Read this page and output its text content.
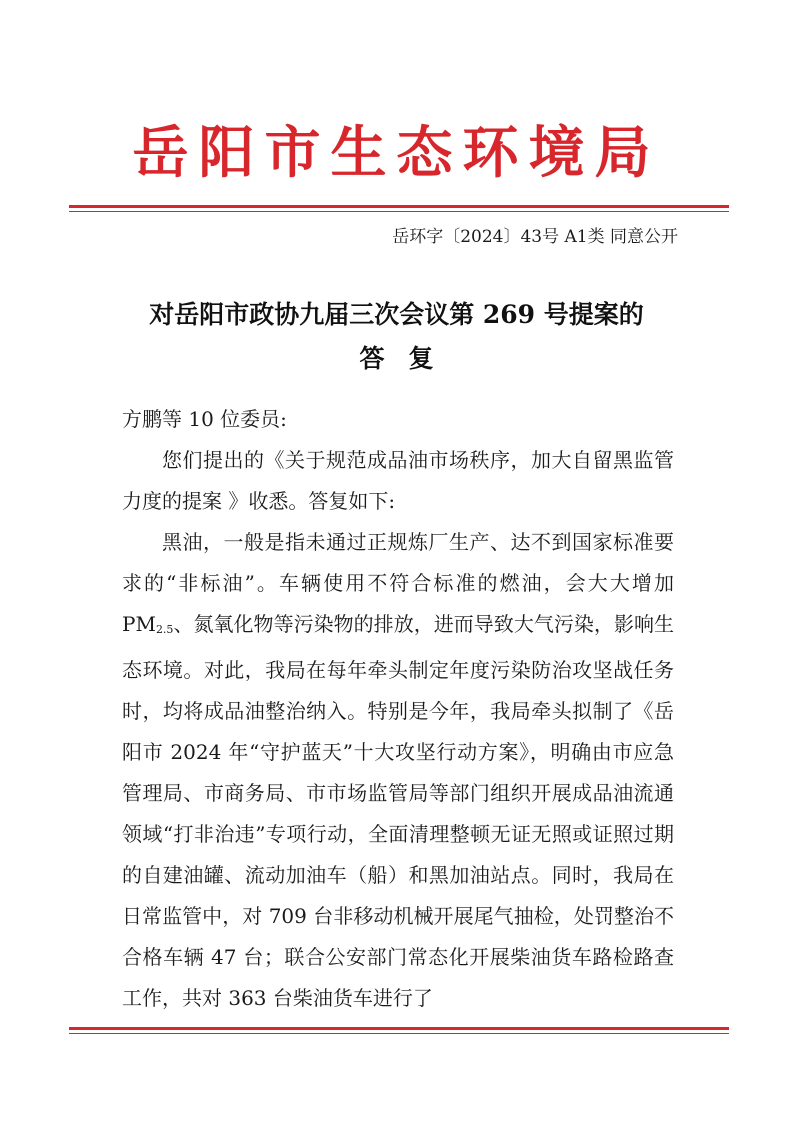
岳阳市生态环境局
岳环字〔2024〕43号 A1类 同意公开
对岳阳市政协九届三次会议第 269 号提案的
答复

方鹏等 10 位委员:

您们提出的《关于规范成品油市场秩序，加大自留黑监管力度的提案 》收悉。答复如下:

黑油，一般是指未通过正规炼厂生产、达不到国家标准要求的“非标油”。车辆使用不符合标准的燃油，会大大增加 PM2.5、氮氧化物等污染物的排放，进而导致大气污染，影响生态环境。对此，我局在每年牵头制定年度污染防治攻坚战任务时，均将成品油整治纳入。特别是今年，我局牵头拟制了《岳阳市 2024 年“守护蓝天”十大攻坚行动方案》，明确由市应急管理局、市商务局、市市场监管局等部门组织开展成品油流通领域“打非治违”专项行动，全面清理整顿无证无照或证照过期的自建油罐、流动加油车（船）和黑加油站点。同时，我局在日常监管中，对 709 台非移动机械开展尾气抽检，处罚整治不合格车辆 47 台；联合公安部门常态化开展柴油货车路检路查工作，共对 363 台柴油货车进行了
